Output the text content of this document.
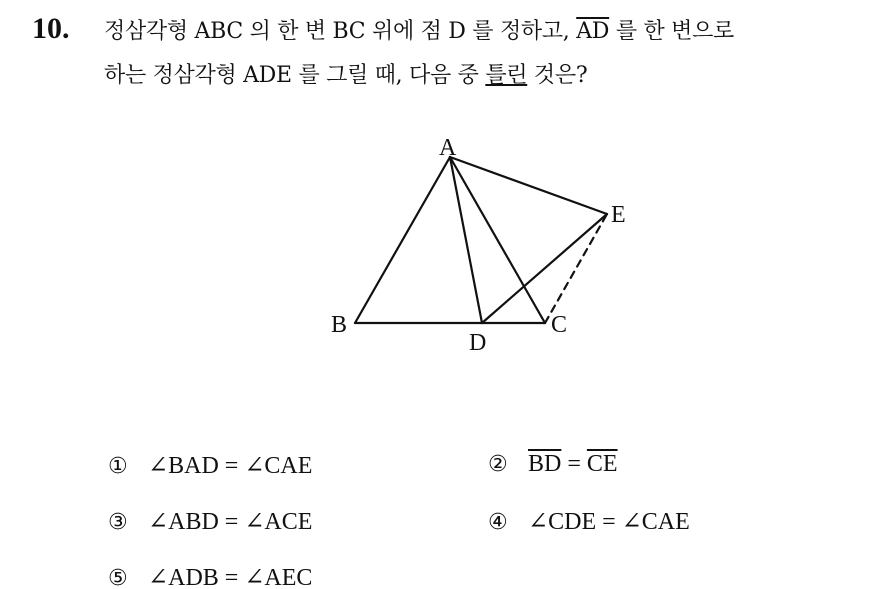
10. 정삼각형 ABC 의 한 변 BC 위에 점 D 를 정하고, $\overline{AD}$ 를 한 변으로
하는 정삼각형 ADE 를 그릴 때, 다음 중 틀린 것은?
A
B	C
D
E
① ∠BAD = ∠CAE	② $\overline{BD} = \overline{CE}$
③ ∠ABD = ∠ACE	④ ∠CDE = ∠CAE
⑤ ∠ADB = ∠AEC
